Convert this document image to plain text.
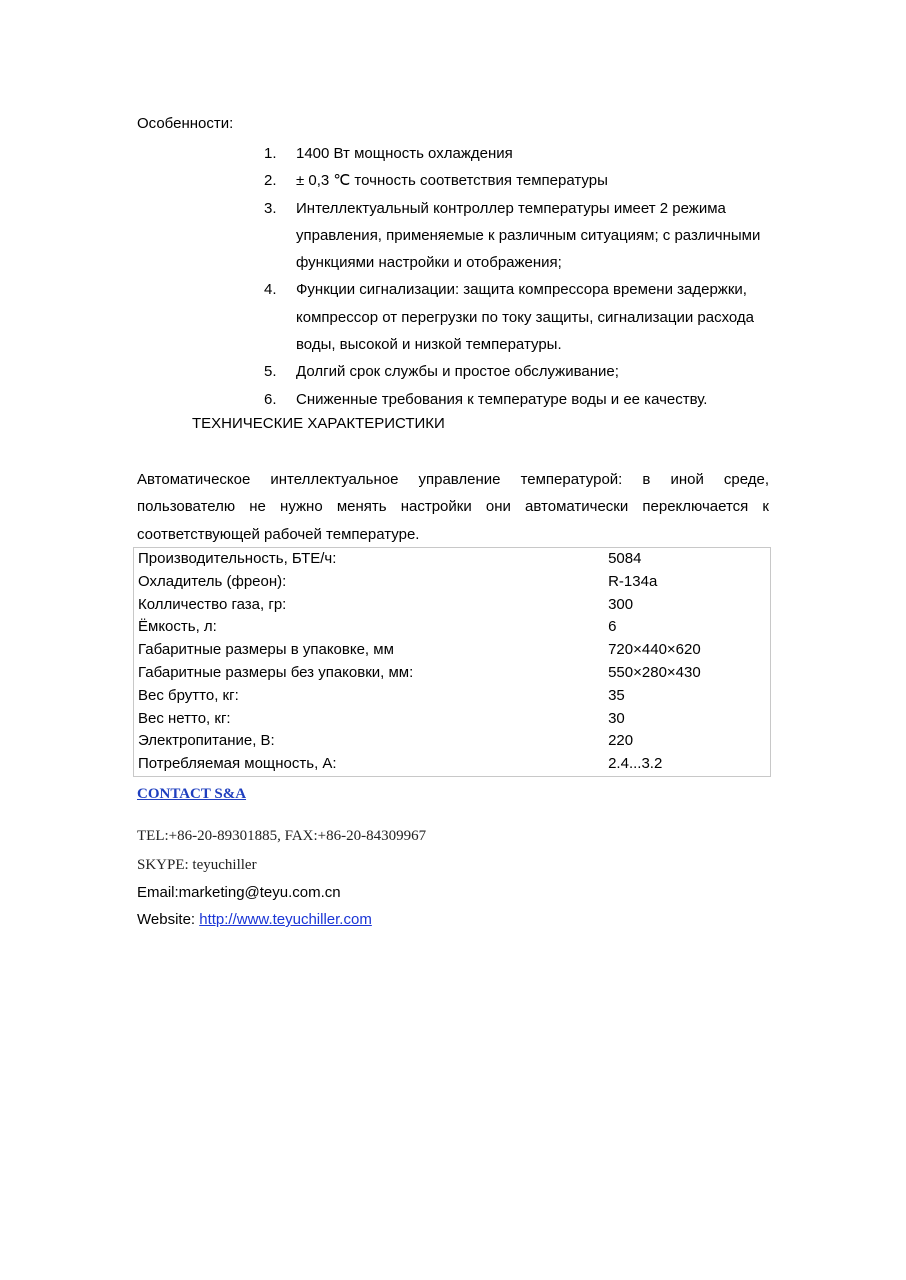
Особенности:
1. 1400 Вт мощность охлаждения
2. ± 0,3 ℃ точность соответствия температуры
3. Интеллектуальный контроллер температуры имеет 2 режима управления, применяемые к различным ситуациям; с различными функциями настройки и отображения;
4. Функции сигнализации: защита компрессора времени задержки, компрессор от перегрузки по току защиты, сигнализации расхода воды, высокой и низкой температуры.
5. Долгий срок службы и простое обслуживание;
6. Сниженные требования к температуре воды и ее качеству.
ТЕХНИЧЕСКИЕ ХАРАКТЕРИСТИКИ
Автоматическое интеллектуальное управление температурой: в иной среде, пользователю не нужно менять настройки они автоматически переключается к соответствующей рабочей температуре.
Производительность, БТЕ/ч:	5084
Охладитель (фреон):	R-134a
Колличество газа, гр:	300
Ёмкость, л:	6
Габаритные размеры в упаковке, мм	720×440×620
Габаритные размеры без упаковки, мм:	550×280×430
Вес брутто, кг:	35
Вес нетто, кг:	30
Электропитание, В:	220
Потребляемая мощность, А:	2.4...3.2
CONTACT S&A
TEL:+86-20-89301885, FAX:+86-20-84309967
SKYPE: teyuchiller
Email:marketing@teyu.com.cn
Website: http://www.teyuchiller.com
